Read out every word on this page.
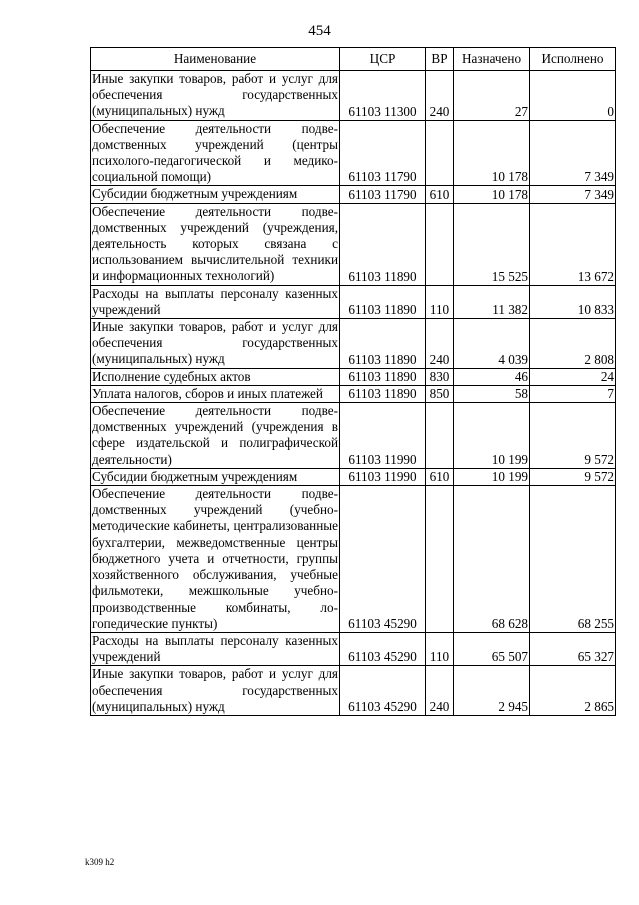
454
Наименование	ЦСР	ВР	Назначено	Исполнено
Иные закупки товаров, работ и услуг для обеспечения государственных (муниципальных) нужд	61103 11300	240	27	0
Обеспечение деятельности подведомственных учреждений (центры психолого-педагогической и медико-социальной помощи)	61103 11790		10 178	7 349
Субсидии бюджетным учреждениям	61103 11790	610	10 178	7 349
Обеспечение деятельности подведомственных учреждений (учреждения, деятельность которых связана с использованием вычислительной техники и информационных технологий)	61103 11890		15 525	13 672
Расходы на выплаты персоналу казенных учреждений	61103 11890	110	11 382	10 833
Иные закупки товаров, работ и услуг для обеспечения государственных (муниципальных) нужд	61103 11890	240	4 039	2 808
Исполнение судебных актов	61103 11890	830	46	24
Уплата налогов, сборов и иных платежей	61103 11890	850	58	7
Обеспечение деятельности подведомственных учреждений (учреждения в сфере издательской и полиграфической деятельности)	61103 11990		10 199	9 572
Субсидии бюджетным учреждениям	61103 11990	610	10 199	9 572
Обеспечение деятельности подведомственных учреждений (учебно-методические кабинеты, централизованные бухгалтерии, межведомственные центры бюджетного учета и отчетности, группы хозяйственного обслуживания, учебные фильмотеки, межшкольные учебно-производственные комбинаты, логопедические пункты)	61103 45290		68 628	68 255
Расходы на выплаты персоналу казенных учреждений	61103 45290	110	65 507	65 327
Иные закупки товаров, работ и услуг для обеспечения государственных (муниципальных) нужд	61103 45290	240	2 945	2 865
k309 h2
